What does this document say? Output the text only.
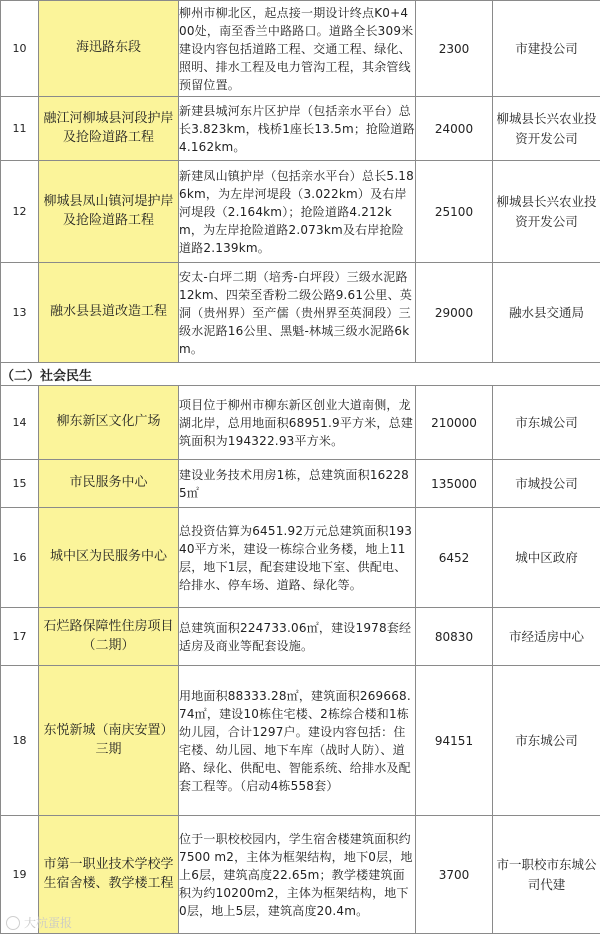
10	海迅路东段	柳州市柳北区，起点接一期设计终点K0+400处，南至香兰中路路口。道路全长309米建设内容包括道路工程、交通工程、绿化、照明、排水工程及电力管沟工程，其余管线预留位置。	2300	市建投公司
11	融江河柳城县河段护岸及抢险道路工程	新建县城河东片区护岸（包括亲水平台）总长3.823km，栈桥1座长13.5m；抢险道路4.162km。	24000	柳城县长兴农业投资开发公司
12	柳城县凤山镇河堤护岸及抢险道路工程	新建凤山镇护岸（包括亲水平台）总长5.186km，为左岸河堤段（3.022km）及右岸河堤段（2.164km）；抢险道路4.212km，为左岸抢险道路2.073km及右岸抢险道路2.139km。	25100	柳城县长兴农业投资开发公司
13	融水县县道改造工程	安太-白坪二期（培秀-白坪段）三级水泥路12km、四荣至香粉二级公路9.61公里、英洞（贵州界）至产儒（贵州界至英洞段）三级水泥路16公里、黑魁-林城三级水泥路6km。	29000	融水县交通局
（二）社会民生				
14	柳东新区文化广场	项目位于柳州市柳东新区创业大道南侧，龙湖北岸，总用地面积68951.9平方米，总建筑面积为194322.93平方米。	210000	市东城公司
15	市民服务中心	建设业务技术用房1栋，总建筑面积162285㎡	135000	市城投公司
16	城中区为民服务中心	总投资估算为6451.92万元总建筑面积19340平方米，建设一栋综合业务楼，地上11层，地下1层，配套建设地下室、供配电、给排水、停车场、道路、绿化等。	6452	城中区政府
17	石烂路保障性住房项目（二期）	总建筑面积224733.06㎡，建设1978套经适房及商业等配套设施。	80830	市经适房中心
18	东悦新城（南庆安置）三期	用地面积88333.28㎡，建筑面积269668.74㎡，建设10栋住宅楼、2栋综合楼和1栋幼儿园，合计1297户。建设内容包括：住宅楼、幼儿园、地下车库（战时人防）、道路、绿化、供配电、智能系统、给排水及配套工程等。（启动4栋558套）	94151	市东城公司
19	市第一职业技术学校学生宿舍楼、教学楼工程	位于一职校校园内，学生宿舍楼建筑面积约7500 m2，主体为框架结构，地下0层，地上6层，建筑高度22.65m；教学楼建筑面积为约10200m2，主体为框架结构，地下0层，地上5层，建筑高度20.4m。	3700	市一职校市东城公司代建
大杭蛋报
